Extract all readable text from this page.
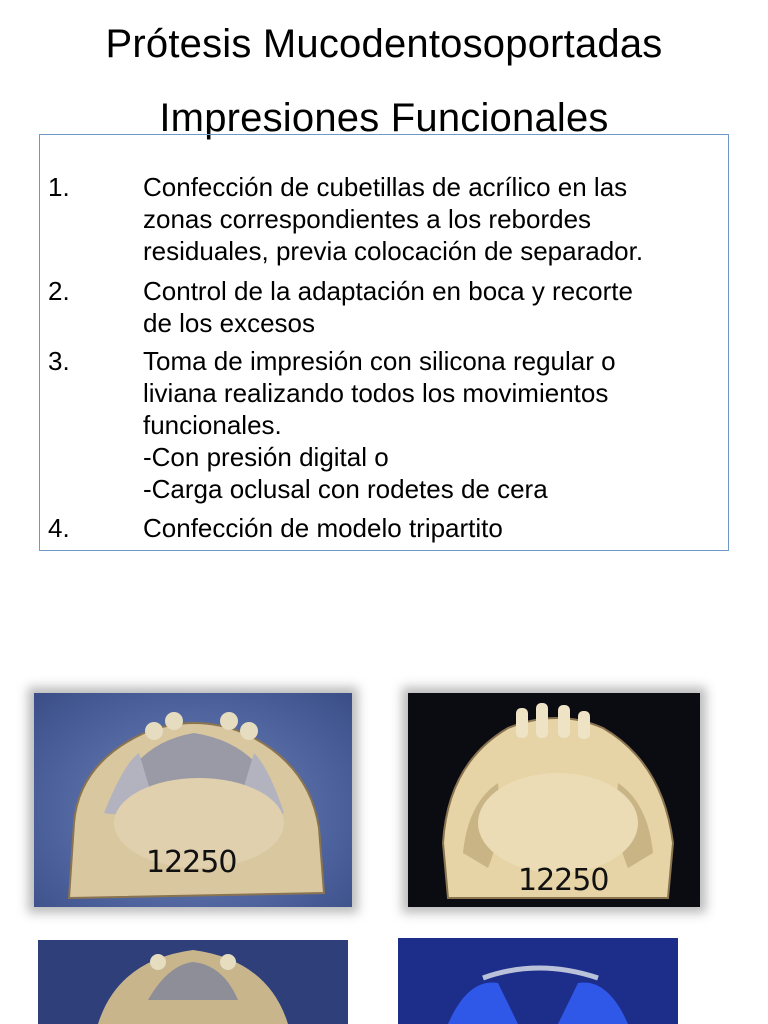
Prótesis Mucodentosoportadas
Impresiones Funcionales
1.	Confección de cubetillas de acrílico en las
zonas correspondientes a los rebordes
residuales, previa colocación de separador.
2.	Control de la adaptación en boca y recorte
de los excesos
3.	Toma de impresión con silicona regular o
liviana realizando todos los movimientos
funcionales.
-Con presión digital o
-Carga oclusal con rodetes de cera
4.	Confección de modelo tripartito
12250
12250
